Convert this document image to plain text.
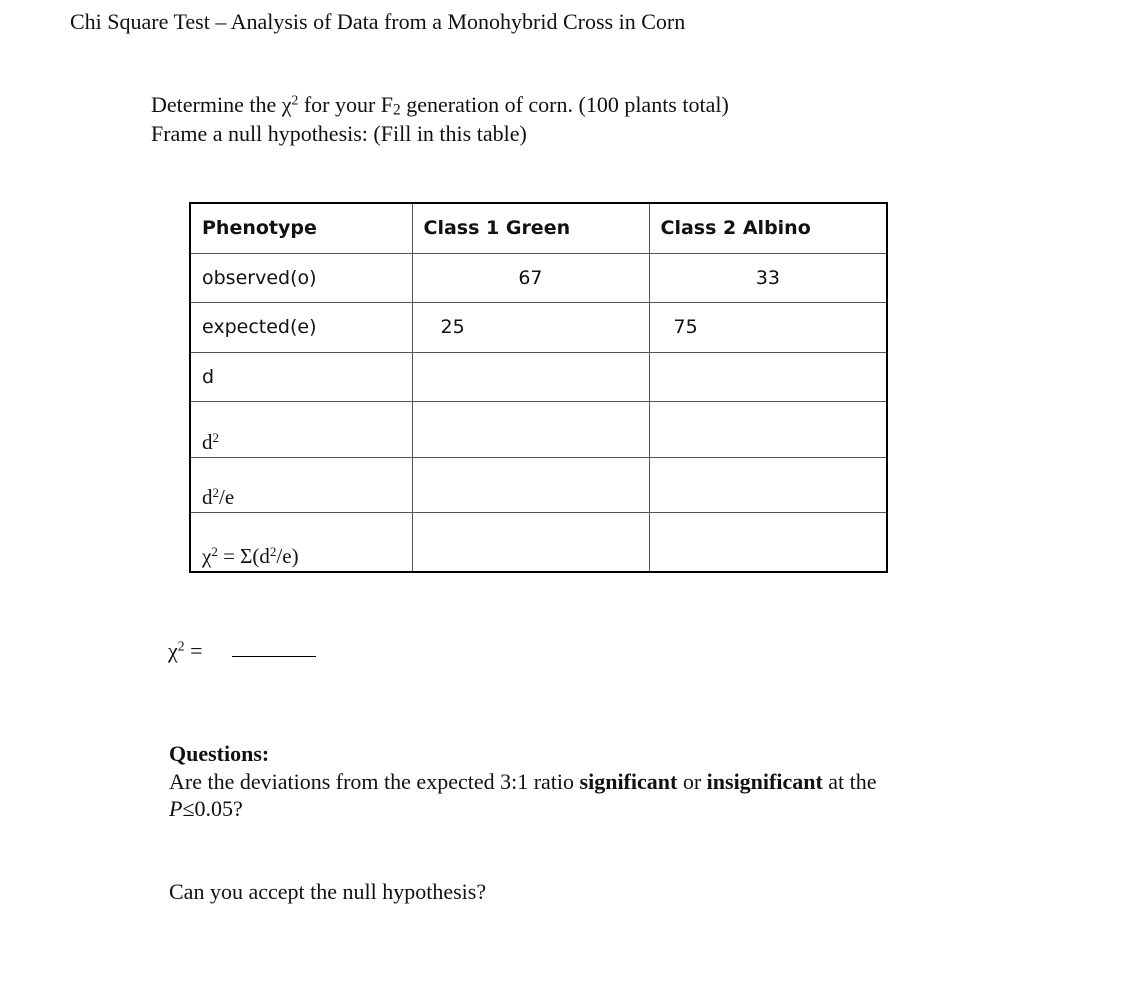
Chi Square Test – Analysis of Data from a Monohybrid Cross in Corn
Determine the $\chi^2$ for your $F_2$ generation of corn. (100 plants total)
Frame a null hypothesis: (Fill in this table)
Phenotype	Class 1 Green	Class 2 Albino
observed(o)	67	33
expected(e)	25	75
d		
$d^2$		
$d^2/e$		
$\chi^2 = \Sigma(d^2/e)$		
$\chi^2$ =
Questions:
Are the deviations from the expected 3:1 ratio significant or insignificant at the
P≤0.05?
Can you accept the null hypothesis?
